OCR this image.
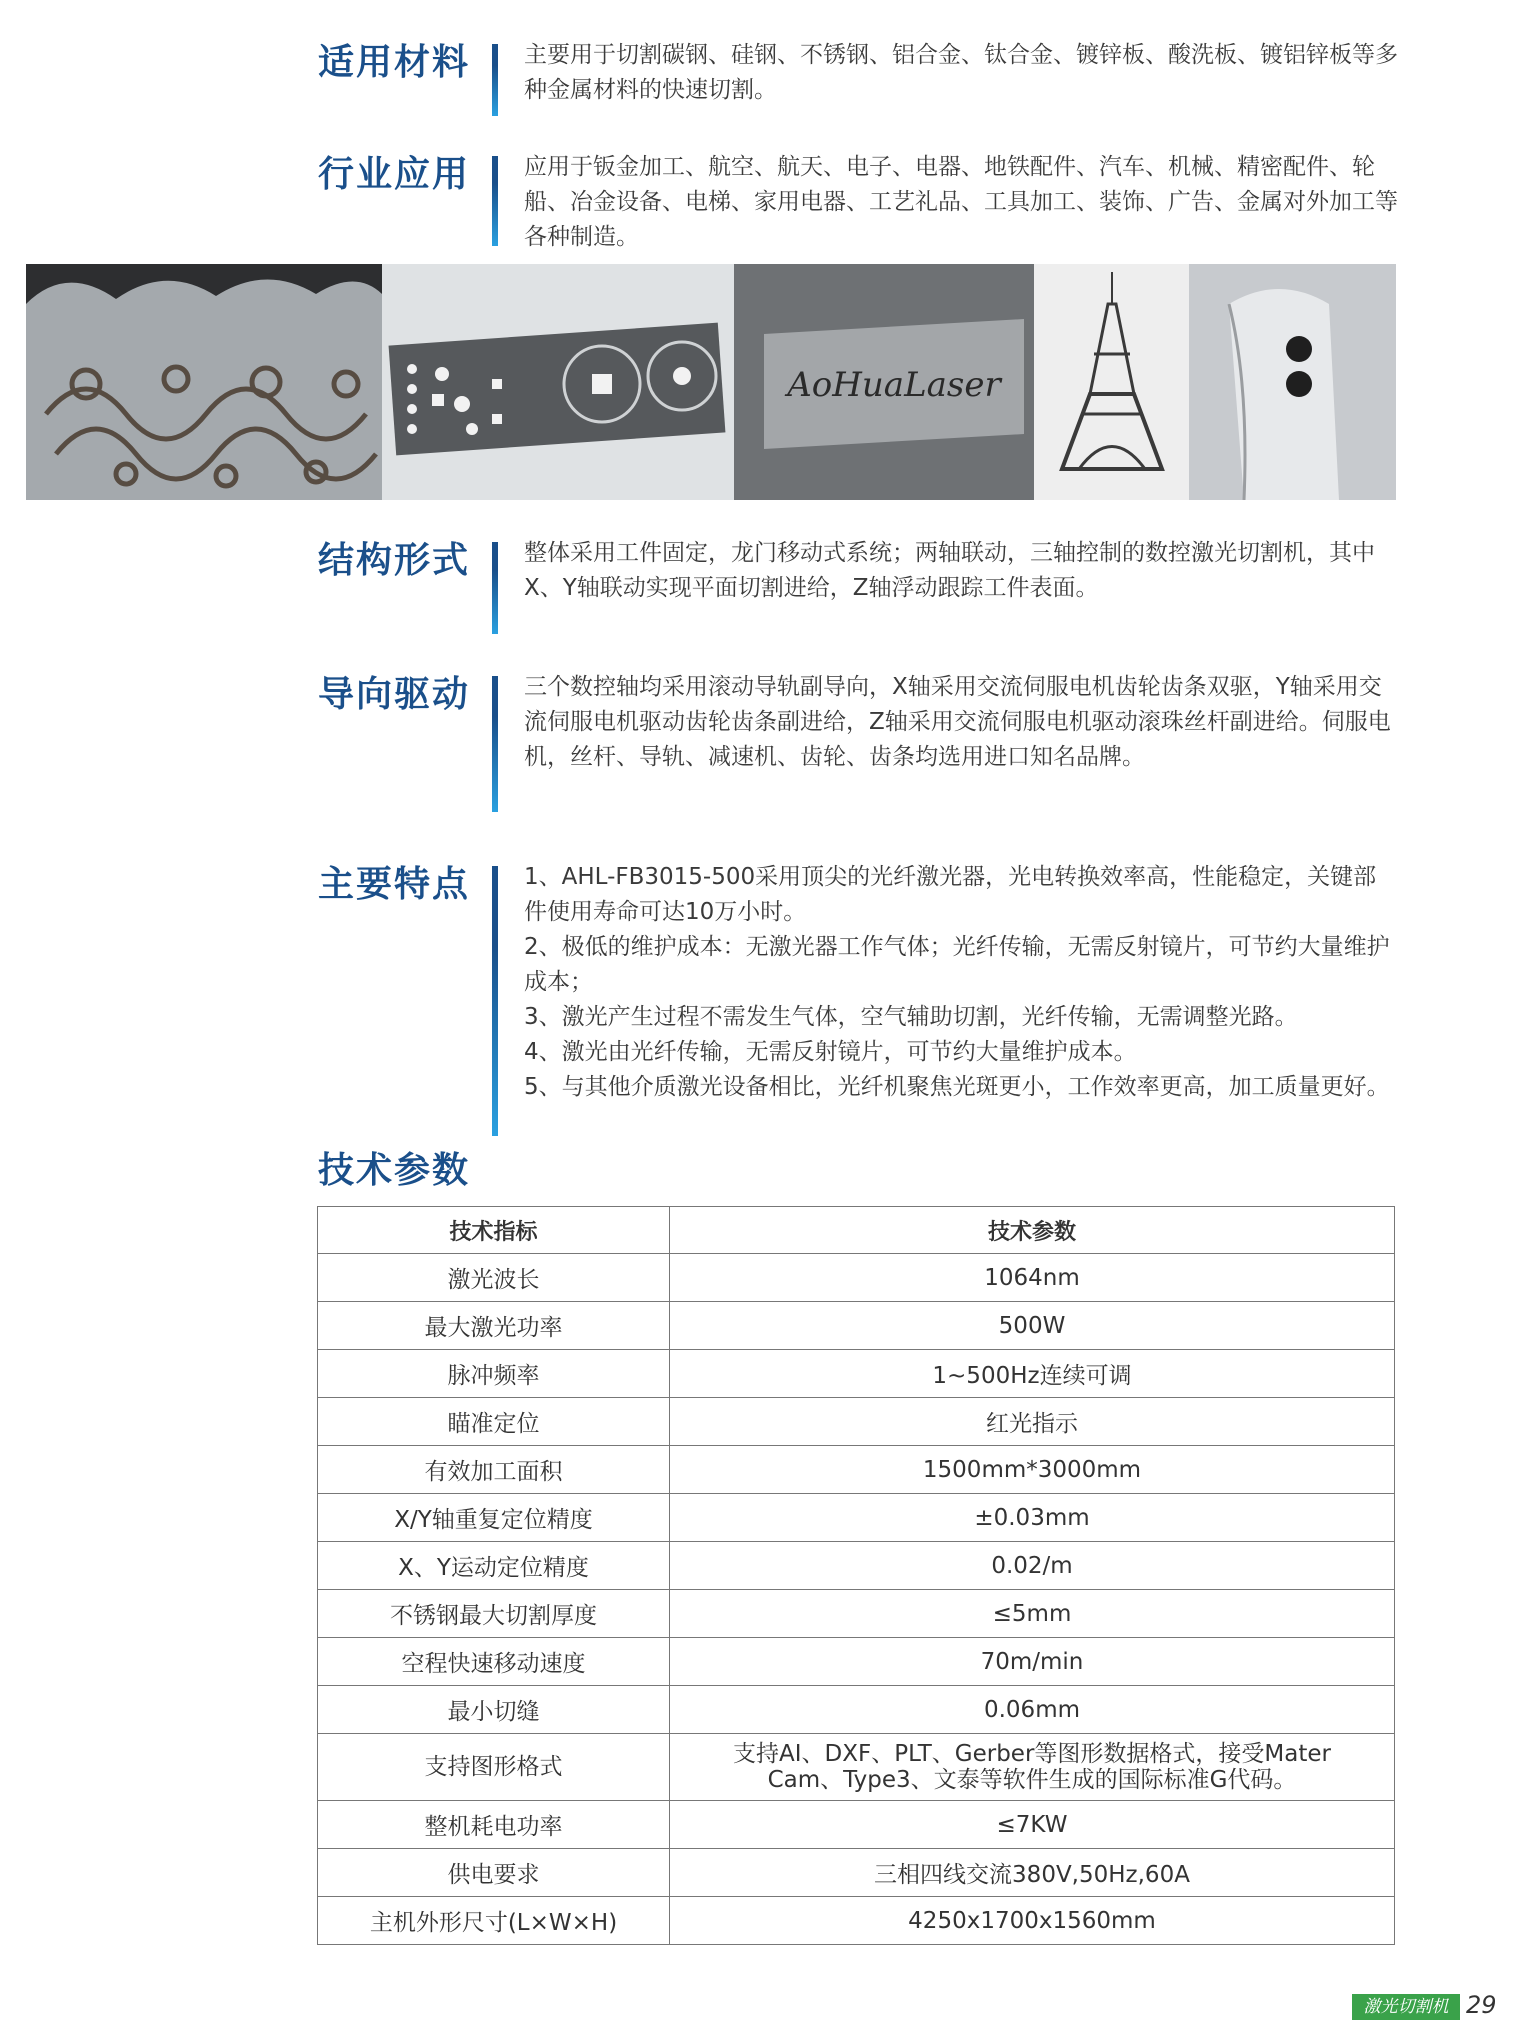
适用材料	主要用于切割碳钢、硅钢、不锈钢、铝合金、钛合金、镀锌板、酸洗板、镀铝锌板等多种金属材料的快速切割。

行业应用	应用于钣金加工、航空、航天、电子、电器、地铁配件、汽车、机械、精密配件、轮船、冶金设备、电梯、家用电器、工艺礼品、工具加工、装饰、广告、金属对外加工等各种制造。

AoHuaLaser
结构形式	整体采用工件固定，龙门移动式系统；两轴联动，三轴控制的数控激光切割机，其中X、Y轴联动实现平面切割进给，Z轴浮动跟踪工件表面。

导向驱动	三个数控轴均采用滚动导轨副导向，X轴采用交流伺服电机齿轮齿条双驱，Y轴采用交流伺服电机驱动齿轮齿条副进给，Z轴采用交流伺服电机驱动滚珠丝杆副进给。伺服电机，丝杆、导轨、减速机、齿轮、齿条均选用进口知名品牌。

主要特点	1、AHL-FB3015-500采用顶尖的光纤激光器，光电转换效率高，性能稳定，关键部件使用寿命可达10万小时。

2、极低的维护成本：无激光器工作气体；光纤传输，无需反射镜片，可节约大量维护成本；

3、激光产生过程不需发生气体，空气辅助切割，光纤传输，无需调整光路。

4、激光由光纤传输，无需反射镜片，可节约大量维护成本。

5、与其他介质激光设备相比，光纤机聚焦光斑更小，工作效率更高，加工质量更好。

技术参数
技术指标	技术参数
激光波长	1064nm
最大激光功率	500W
脉冲频率	1~500Hz连续可调
瞄准定位	红光指示
有效加工面积	1500mm*3000mm
X/Y轴重复定位精度	±0.03mm
X、Y运动定位精度	0.02/m
不锈钢最大切割厚度	≤5mm
空程快速移动速度	70m/min
最小切缝	0.06mm
支持图形格式	支持AI、DXF、PLT、Gerber等图形数据格式，接受Mater Cam、Type3、文泰等软件生成的国际标准G代码。
整机耗电功率	≤7KW
供电要求	三相四线交流380V,50Hz,60A
主机外形尺寸(L×W×H)	4250x1700x1560mm
激光切割机 29
